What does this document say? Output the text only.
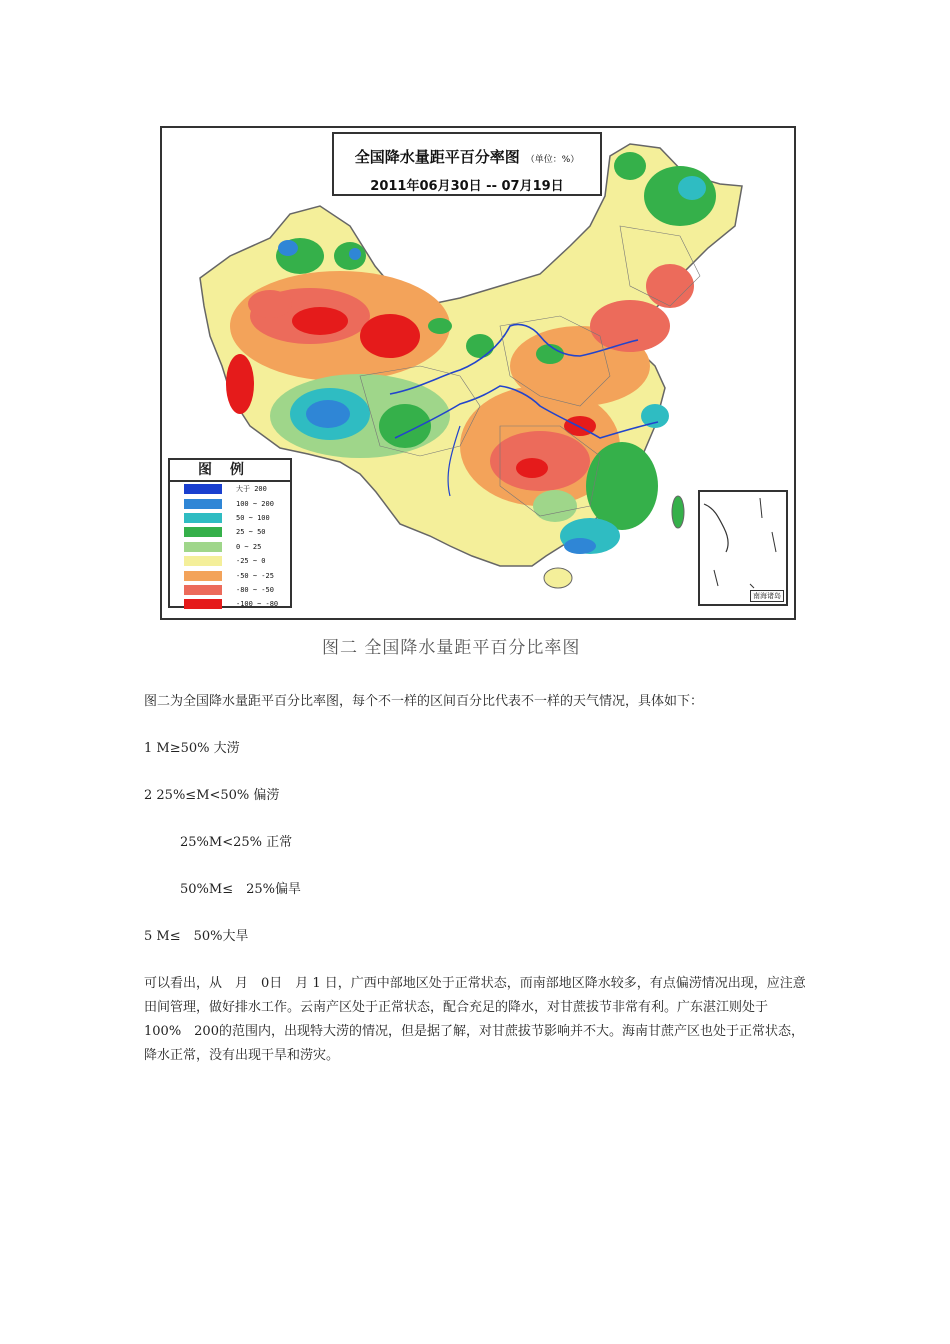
全国降水量距平百分率图 （单位：%）
2011年06月30日 -- 07月19日
图例
大于 200
100 ~ 200
50 ~ 100
25 ~ 50
0 ~ 25
-25 ~ 0
-50 ~ -25
-80 ~ -50
-100 ~ -80
南海诸岛
图二 全国降水量距平百分比率图
图二为全国降水量距平百分比率图，每个不一样的区间百分比代表不一样的天气情况，具体如下：
1 M≥50% 大涝
2 25%≤M<50% 偏涝
25%M<25% 正常
50%M≤　25%偏旱
5 M≤　50%大旱
可以看出，从　月　0日　月 1 日，广西中部地区处于正常状态，而南部地区降水较多，有点偏涝情况出现，应注意田间管理，做好排水工作。云南产区处于正常状态，配合充足的降水，对甘蔗拔节非常有利。广东湛江则处于 100%　200的范围内，出现特大涝的情况，但是据了解，对甘蔗拔节影响并不大。海南甘蔗产区也处于正常状态，降水正常，没有出现干旱和涝灾。
